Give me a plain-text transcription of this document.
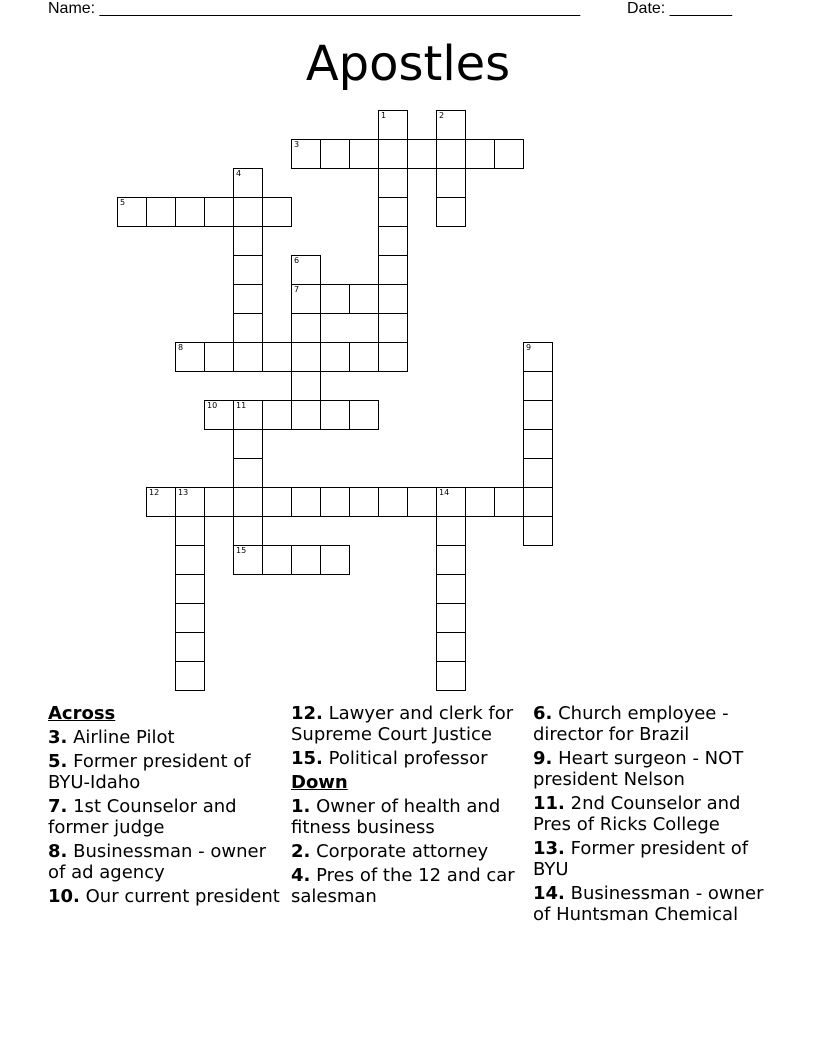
Name: ______________________________________________________	Date: _______
Apostles
1	2
3
4
5
6
7
8	9
10 11
15
12 13	14
Across
3. Airline Pilot
5. Former president of BYU-Idaho
7. 1st Counselor and former judge
8. Businessman - owner of ad agency
10. Our current president
12. Lawyer and clerk for Supreme Court Justice
15. Political professor
Down
1. Owner of health and fitness business
2. Corporate attorney
4. Pres of the 12 and car salesman
6. Church employee - director for Brazil
9. Heart surgeon - NOT president Nelson
11. 2nd Counselor and Pres of Ricks College
13. Former president of BYU
14. Businessman - owner of Huntsman Chemical
